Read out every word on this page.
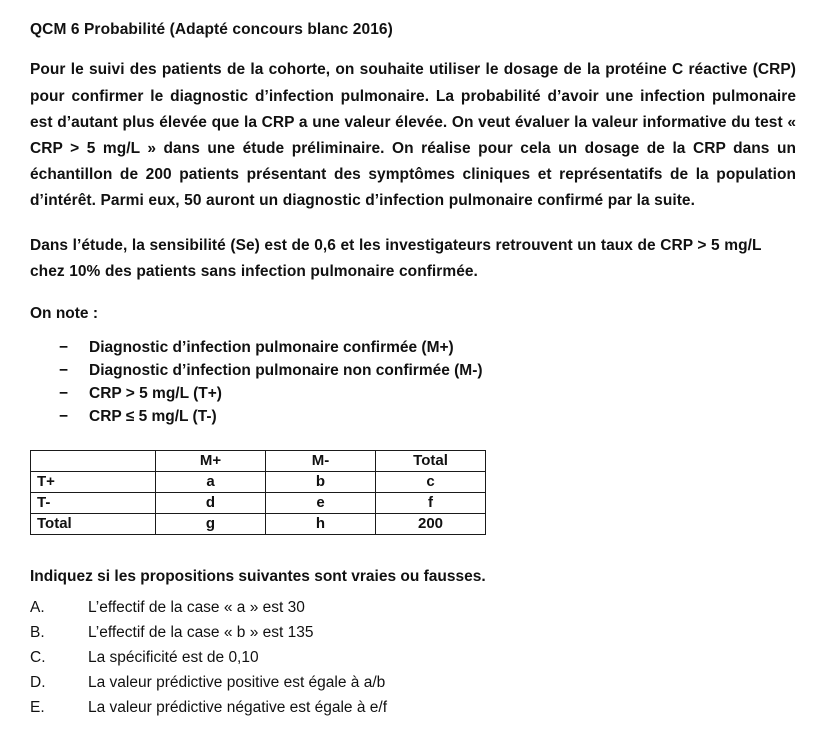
QCM 6 Probabilité (Adapté concours blanc 2016)

Pour le suivi des patients de la cohorte, on souhaite utiliser le dosage de la protéine C réactive (CRP) pour confirmer le diagnostic d’infection pulmonaire. La probabilité d’avoir une infection pulmonaire est d’autant plus élevée que la CRP a une valeur élevée. On veut évaluer la valeur informative du test « CRP > 5 mg/L » dans une étude préliminaire. On réalise pour cela un dosage de la CRP dans un échantillon de 200 patients présentant des symptômes cliniques et représentatifs de la population d’intérêt. Parmi eux, 50 auront un diagnostic d’infection pulmonaire confirmé par la suite.

Dans l’étude, la sensibilité (Se) est de 0,6 et les investigateurs retrouvent un taux de CRP > 5 mg/L chez 10% des patients sans infection pulmonaire confirmée.

On note :

−	Diagnostic d’infection pulmonaire confirmée (M+)
−	Diagnostic d’infection pulmonaire non confirmée (M-)
−	CRP > 5 mg/L (T+)
−	CRP ≤ 5 mg/L (T-)
	M+	M-	Total
T+	a	b	c
T-	d	e	f
Total	g	h	200

Indiquez si les propositions suivantes sont vraies ou fausses.

A.	L’effectif de la case « a » est 30
B.	L’effectif de la case « b » est 135
C.	La spécificité est de 0,10
D.	La valeur prédictive positive est égale à a/b
E.	La valeur prédictive négative est égale à e/f
